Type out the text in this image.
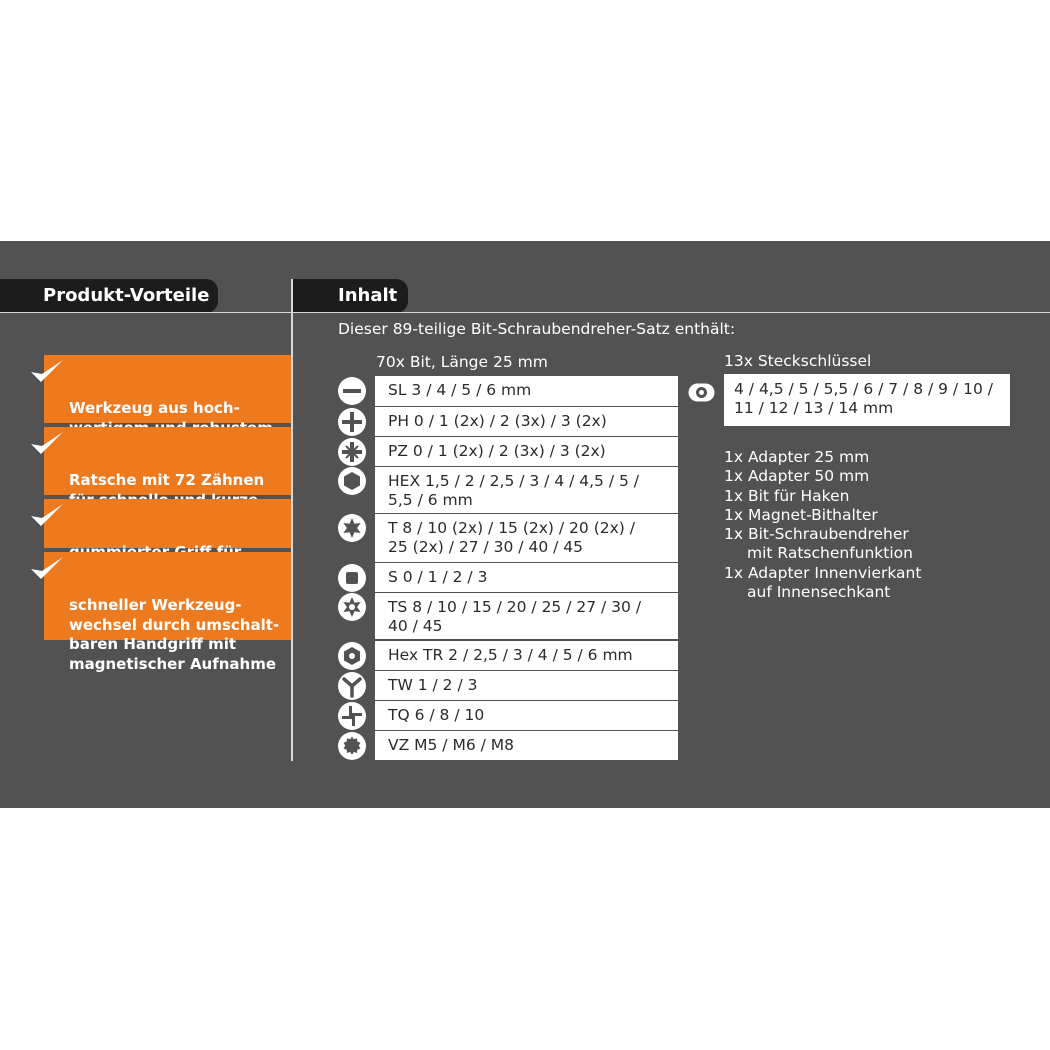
Produkt-Vorteile	Inhalt

Werkzeug aus hoch-

Ratsche mit 72 Zähnen

schneller Werkzeug-
wechsel durch umschalt-
baren Handgriff mit
magnetischer Aufnahme

Dieser 89-teilige Bit-Schraubendreher-Satz enthält:
70x Bit, Länge 25 mm
SL 3 / 4 / 5 / 6 mm
PH 0 / 1 (2x) / 2 (3x) / 3 (2x)
PZ 0 / 1 (2x) / 2 (3x) / 3 (2x)
HEX 1,5 / 2 / 2,5 / 3 / 4 / 4,5 / 5 /
5,5 / 6 mm
T 8 / 10 (2x) / 15 (2x) / 20 (2x) /
25 (2x) / 27 / 30 / 40 / 45
S 0 / 1 / 2 / 3
TS 8 / 10 / 15 / 20 / 25 / 27 / 30 /
40 / 45
Hex TR 2 / 2,5 / 3 / 4 / 5 / 6 mm
TW 1 / 2 / 3
TQ 6 / 8 / 10
VZ M5 / M6 / M8
13x Steckschlüssel
4 / 4,5 / 5 / 5,5 / 6 / 7 / 8 / 9 / 10 /
11 / 12 / 13 / 14 mm
1x Adapter 25 mm
1x Adapter 50 mm
1x Bit für Haken
1x Magnet-Bithalter
1x Bit-Schraubendreher
mit Ratschenfunktion
1x Adapter Innenvierkant
auf Innensechkant
